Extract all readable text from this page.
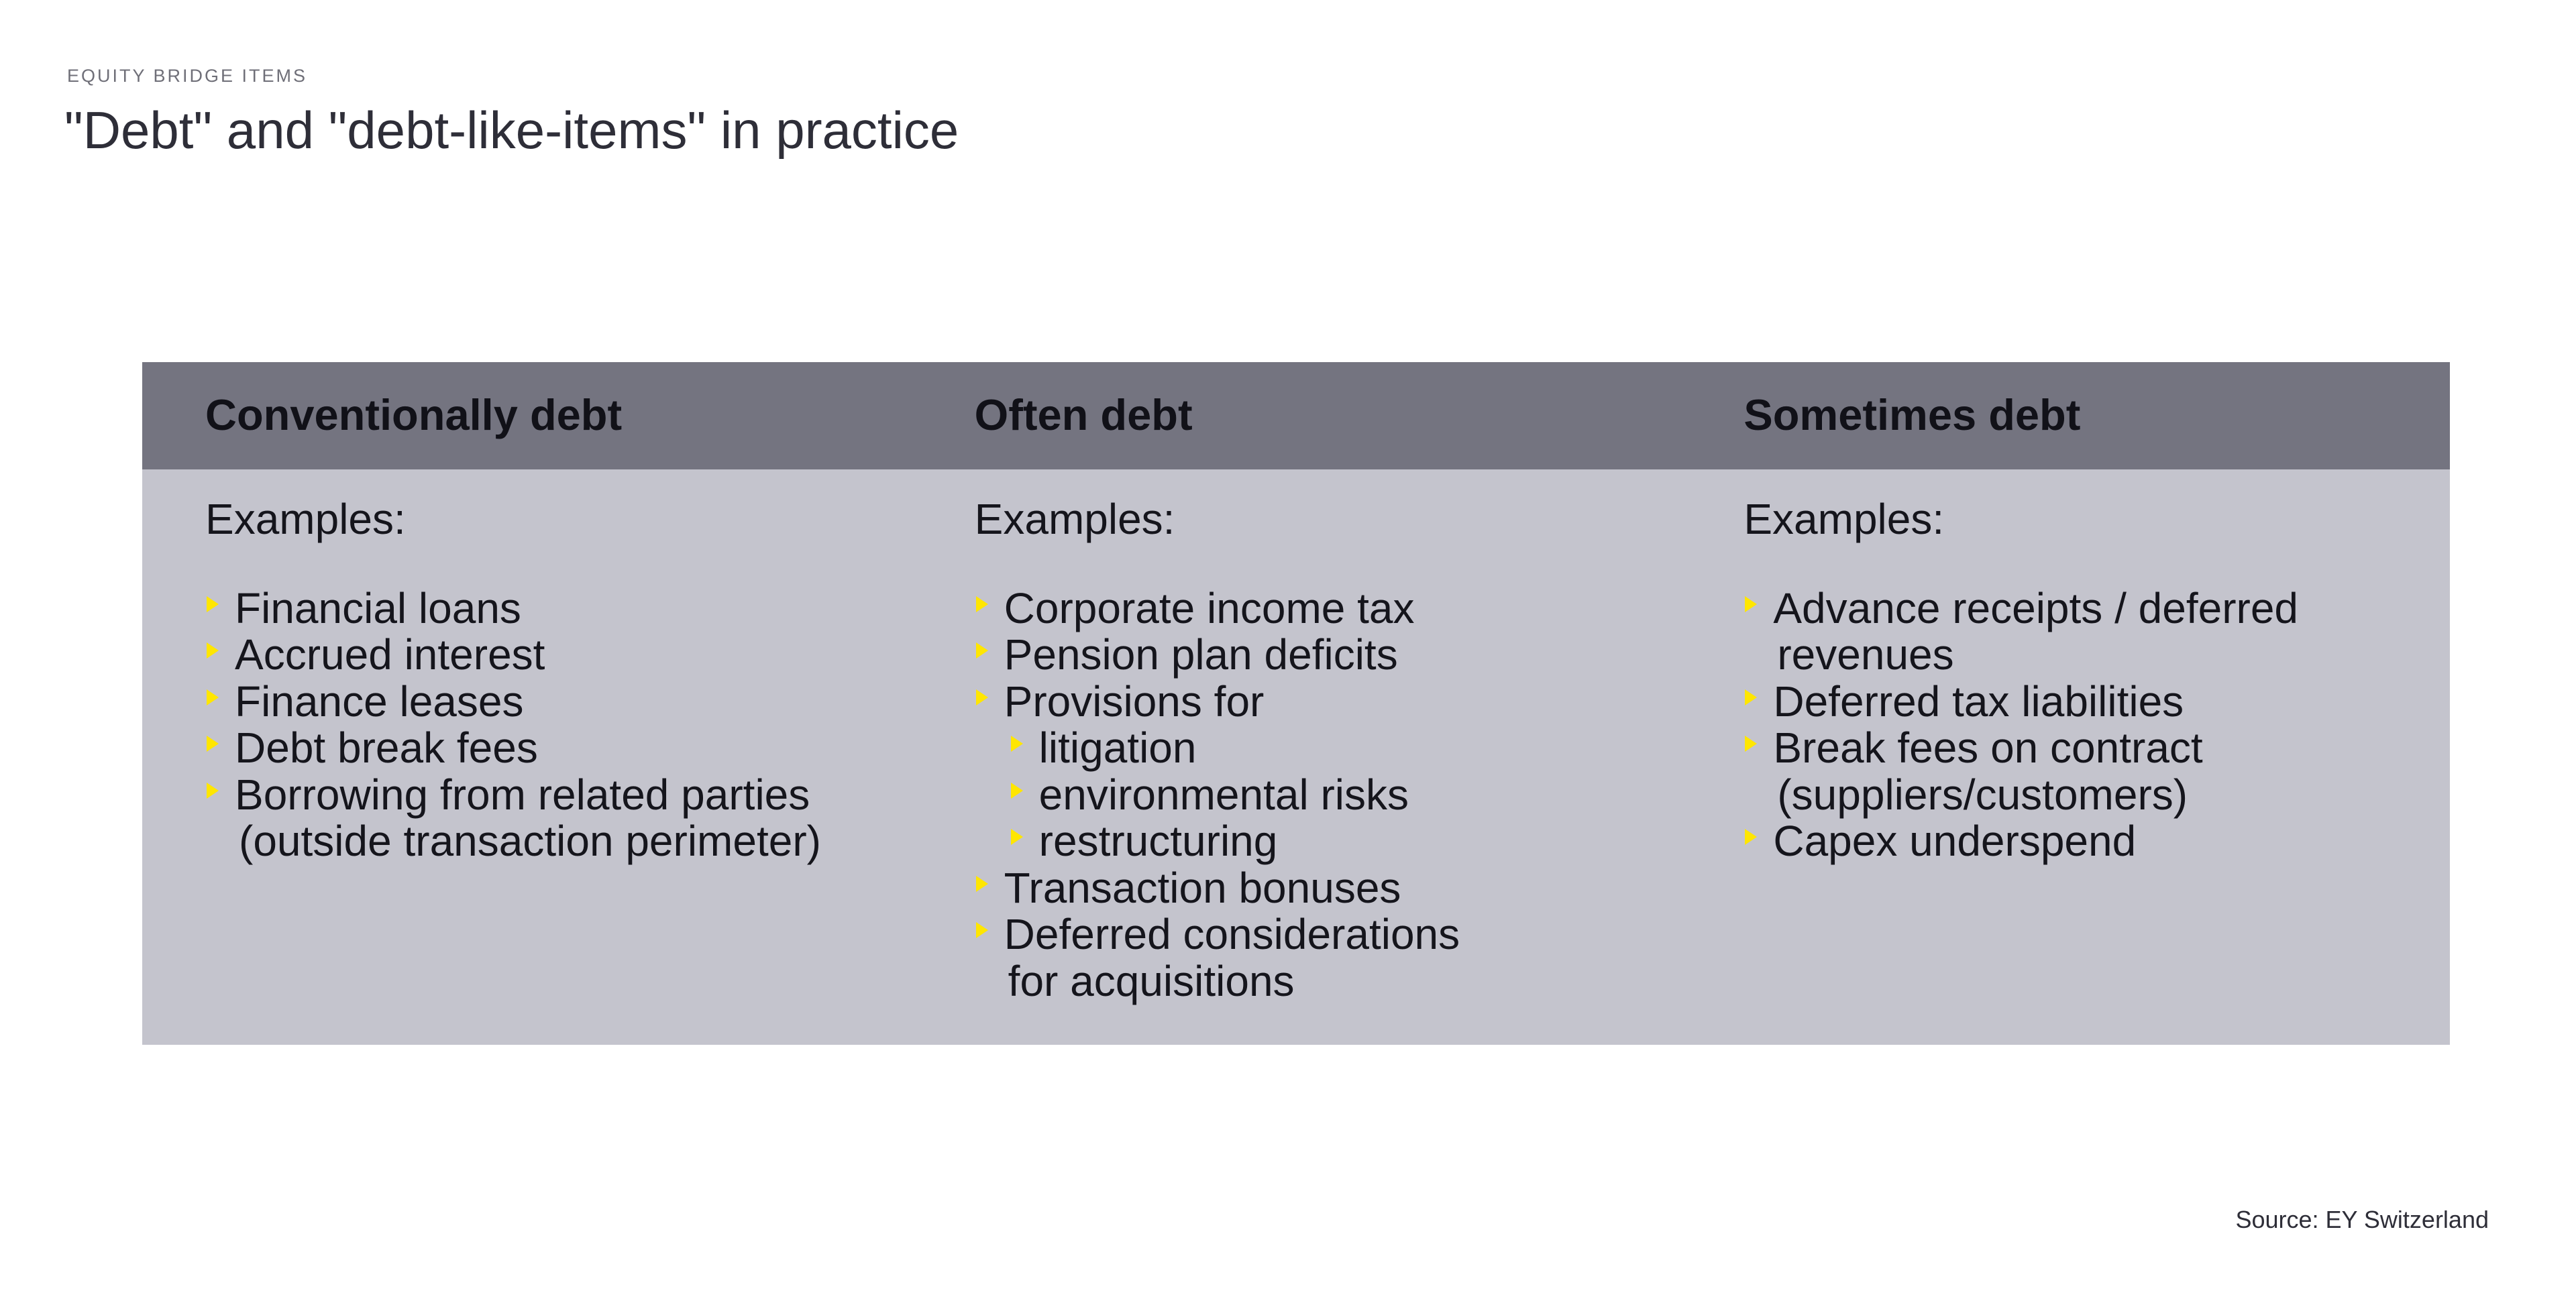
EQUITY BRIDGE ITEMS
"Debt" and "debt-like-items" in practice
Conventionally debt	Often debt	Sometimes debt
Examples:
Financial loans
Accrued interest
Finance leases
Debt break fees
Borrowing from related parties
(outside transaction perimeter)
Examples:
Corporate income tax
Pension plan deficits
Provisions for
litigation
environmental risks
restructuring
Transaction bonuses
Deferred considerations
for acquisitions
Examples:
Advance receipts / deferred
revenues
Deferred tax liabilities
Break fees on contract
(suppliers/customers)
Capex underspend
Source: EY Switzerland
